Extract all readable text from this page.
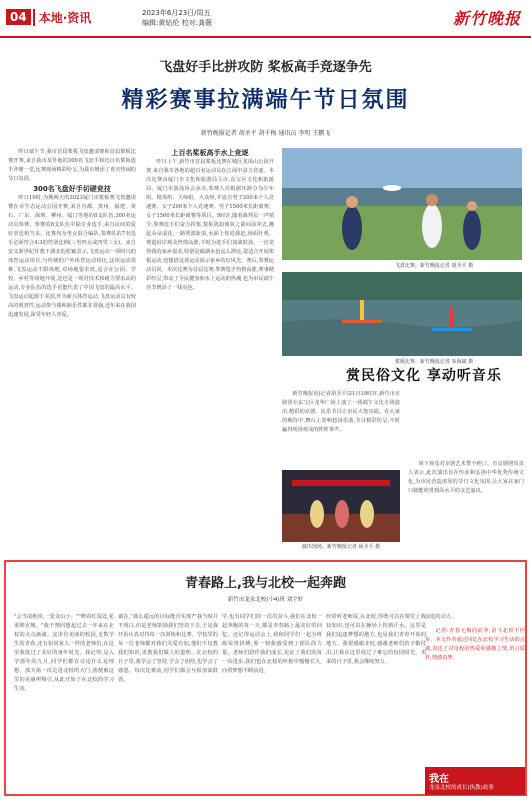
04	本地·资讯	2023年6月23日/周五
编辑:黄钻伦 校对:龚薇	新竹晚报
飞盘好手比拼攻防 桨板高手竞逐争先
精彩赛事拉满端午节日氛围
新竹晚报记者 胡圣平 胡千梅 通讯员 李明 王鹏飞

昨日端午节,我市首届桨板飞盘邀请赛和首届桨板比赛开赛,来自我市及外地的300名飞盘手和近百名桨板选手齐聚一堂,比赛现场精彩纷呈,为我市增添了喜庆热闹的节日氛围。

300名飞盘好手切磋竞技

昨日10时,为期两天的2023厦门市桨板赛飞盘邀请赛在市生态运动公园开赛,来自首都、贵州、福建、黄石、广东、深圳、柳州、厦门等地的8支队伍,300名运动员参赛。参赛的8支队伍中除专业选手,来自民间的爱好者也相当多。比赛均为男女混合编队,参赛队的7名选手必须符合4:3的性别比例(三男四女或四男三女)。来自安义新世纪任教于湖北的张颖表示,飞盘运动一项时兴的体育运动项目,与传统的户外体育运动相比,这项运动很难,飞盘运动不限场地,对场地要求低,适合在公园、学校、乡村等场地开展,这也是一项对技术和耐力要求高的运动,专业队伍的选手更能代表了中国飞盘的最高水平。飞盘运动起源于美国,作为新兴体育运动,飞盘运动具有较高的观赏性,运动参与感和娱乐性都非常强,近年来在我国迅速发展,深受年轻人喜爱。

上百名桨板高手水上竞逐

昨日上午,新竹市首届桨板比赛在城区龙凤山公园开赛,来自我市各地的超百名运动员在江面中奋力竞逐。本次比赛由厦门市文化和旅游局主办,东宝区文化和旅游局、厦门市游泳协会承办,参赛人员根据年龄分为少年组、精英组、大师组、大众组,并设有男子200米个人竞速赛、女子200米个人竞速赛、男子1500米长距离赛、女子1500米长距离赛等项目。9时许,随着裁判员一声哨令,参赛选手们奋力挥桨,桨板犹如离弦之箭向前冲去,溅起朵朵浪花,一路劈波斩浪,水面上你追我赶,场面壮观。赛道沿岸观众热情高涨,不时为选手们加油鼓劲。一直觉得我的家乡很美,特别是蔺湖水色这么漂亮,很适合开展桨板运动,也想借这项运动展示家乡的好风光。赛后,参赛运动员说。本次比赛为首届比赛,参赛选手热情高涨,赛事精彩纷呈,带动了全民健身和水上运动的热潮,也为市民端午佳节增添了一抹亮色。

飞盘比赛。新竹晚报记者 胡圣平 摄
桨板比赛。新竹晚报记者 朱海斌 摄
赏民俗文化 享动听音乐

新竹晚报讯(记者胡圣平)21日19时许,新竹市京剧团在东宝区龙华广场上演了一场端午文化专场演出,精彩的京剧、民乐节目让市民大饱耳福。在大家的期待中,舞台上奏响悠扬乐曲,节目精彩纷呈,不时赢得现场观众的阵阵掌声。

演出现场。新竹晚报记者 胡圣平 摄

场下观众对京剧艺术赞不绝口。市京剧团负责人表示,此次演出旨在传承和弘扬中华优秀传统文化,为市民营造浓厚的节日文化氛围,让大家在家门口就能欣赏到高水平的文艺演出。

青春路上,我与北校一起奔跑
新竹市龙泉北校(小4)班 刘宇轩

"会当凌绝顶,一览众山小。""晓看红湿处,花重锦官城。"我不禁回想起过去一年来在北校的点点滴滴。这里有美丽的校园,无数学生的青春,还有如同家人一样的老师们,在这里我度过了美好的童年时光。我记得,是入学那年的九月,同学们都在讨论什么是理想。那天第一次走进北校的大门,我便被这里的美丽所吸引,从此开始了在北校的学习生活。

诚在,"那么遥远的目标能否实现?"我当时并不明白,但是老师鼓励我们坚持下去,于是我开始认真对待每一次训练和比赛。学校里的每一位老师都对我们关爱有加,他们不仅教我们知识,更教我们做人的道理。在北校的日子里,我学会了坚持,学会了团结,也学会了感恩。每次比赛前,同学们都会互相加油鼓劲。

学,也有同学们的一次次奋斗,我们在北校一起奔跑的每一天,都是青春路上最美好的回忆。还记得运动会上,我和同学们一起为班级荣誉拼搏,那一刻我感受到了团队的力量。老师们陪伴我们成长,见证了我们的每一次进步,我们也在北校的怀抱中慢慢长大,向着梦想不断前进。

经常听老师说,在北校,你既可以在课堂上收获知识,也可以在操场上挥洒汗水。这里是我们追逐梦想的地方,也是我们青春开始的地方。我要感谢北校,感谢老师们的辛勤付出,让我在这里度过了难忘的校园时光。未来的日子里,我会继续努力。

前进的动力。

记者:青春无悔向前奔,奋斗北校不停步。本文作者通过回忆在北校学习生活的点滴,表达了对母校的热爱和感激之情,语言质朴,情感真挚。

我在
龙泉北校的成长(执教)故事
